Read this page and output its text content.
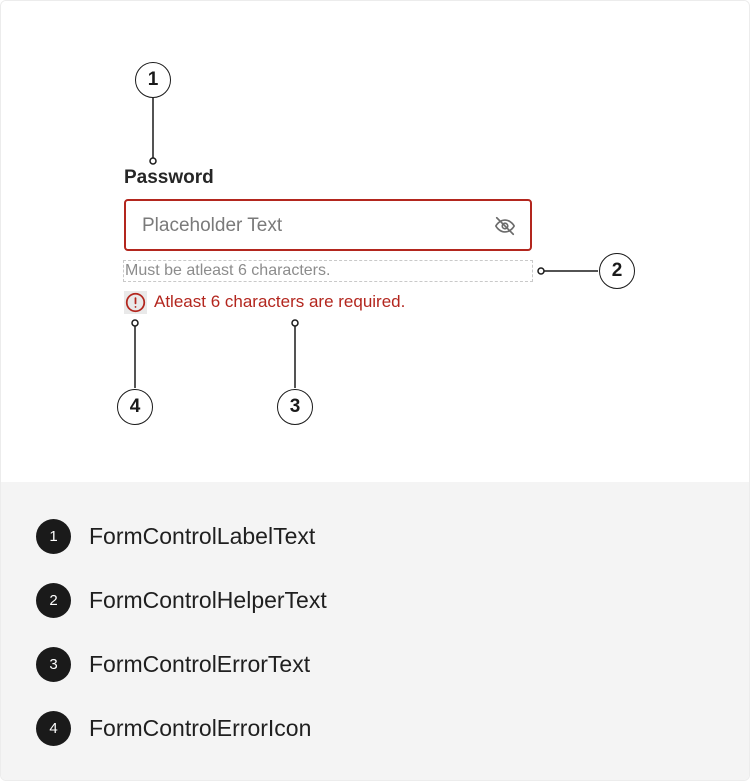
1
2
3
4
Password
Placeholder Text
Must be atleast 6 characters.
Atleast 6 characters are required.
1	FormControlLabelText
2	FormControlHelperText
3	FormControlErrorText
4	FormControlErrorIcon
